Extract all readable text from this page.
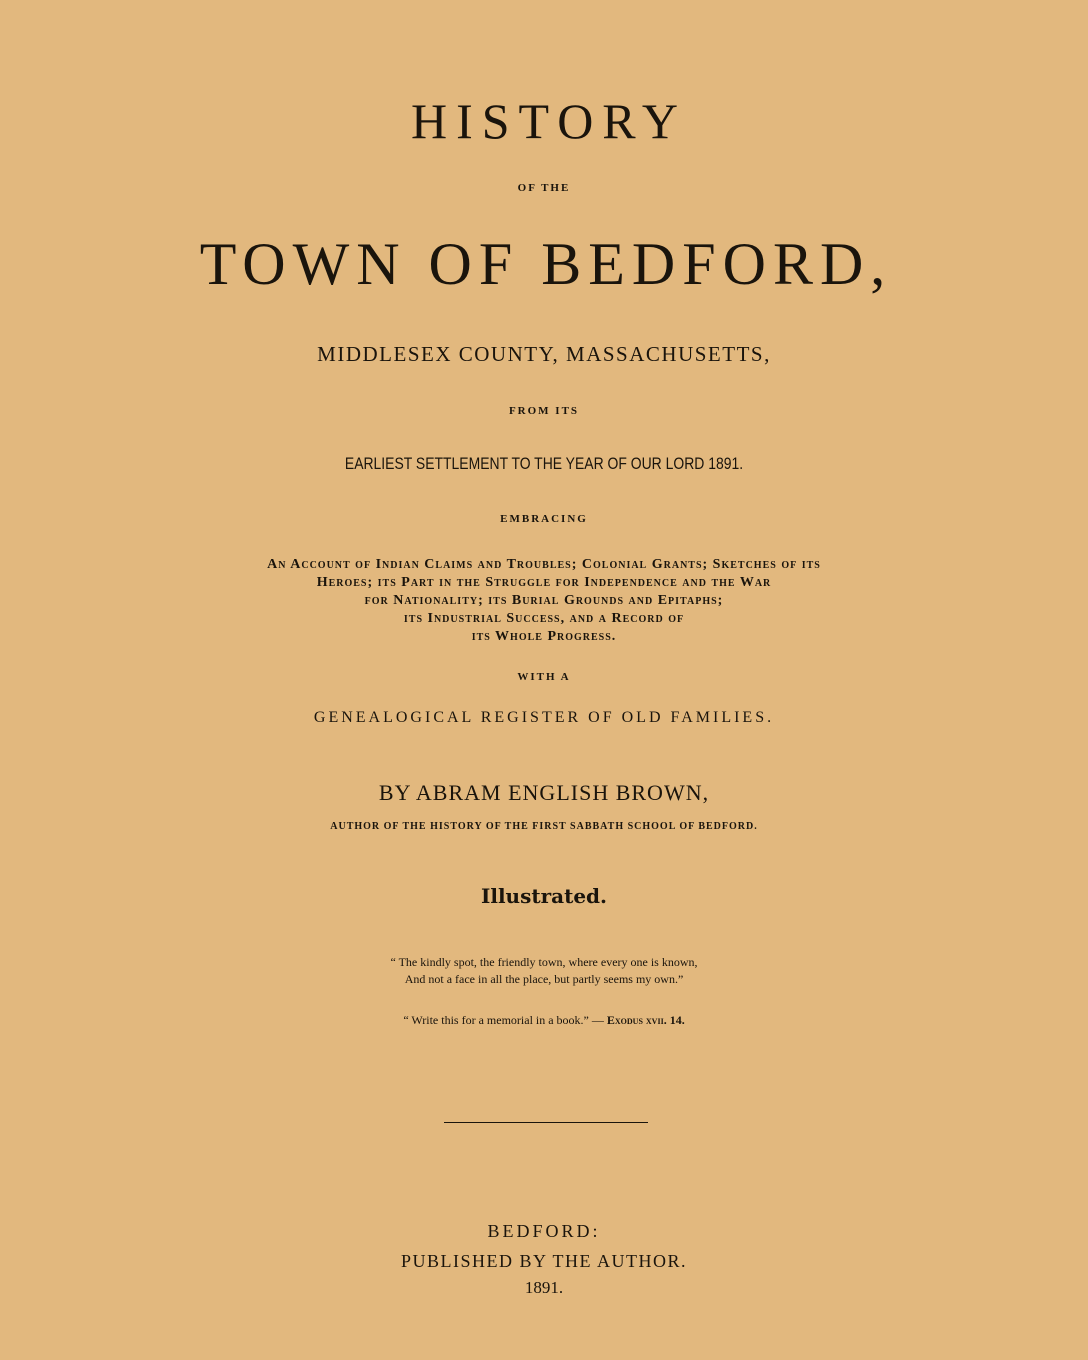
HISTORY
OF THE
TOWN OF BEDFORD,
MIDDLESEX COUNTY, MASSACHUSETTS,
FROM ITS
EARLIEST SETTLEMENT TO THE YEAR OF OUR LORD 1891.
EMBRACING
An Account of Indian Claims and Troubles; Colonial Grants; Sketches of its
Heroes; its Part in the Struggle for Independence and the War
for Nationality; its Burial Grounds and Epitaphs;
its Industrial Success, and a Record of
its Whole Progress.
WITH A
GENEALOGICAL REGISTER OF OLD FAMILIES.
BY ABRAM ENGLISH BROWN,
AUTHOR OF THE HISTORY OF THE FIRST SABBATH SCHOOL OF BEDFORD.
Illustrated.
“ The kindly spot, the friendly town, where every one is known,
And not a face in all the place, but partly seems my own.”
“ Write this for a memorial in a book.” — Exodus xvii. 14.
BEDFORD:
PUBLISHED BY THE AUTHOR.
1891.
